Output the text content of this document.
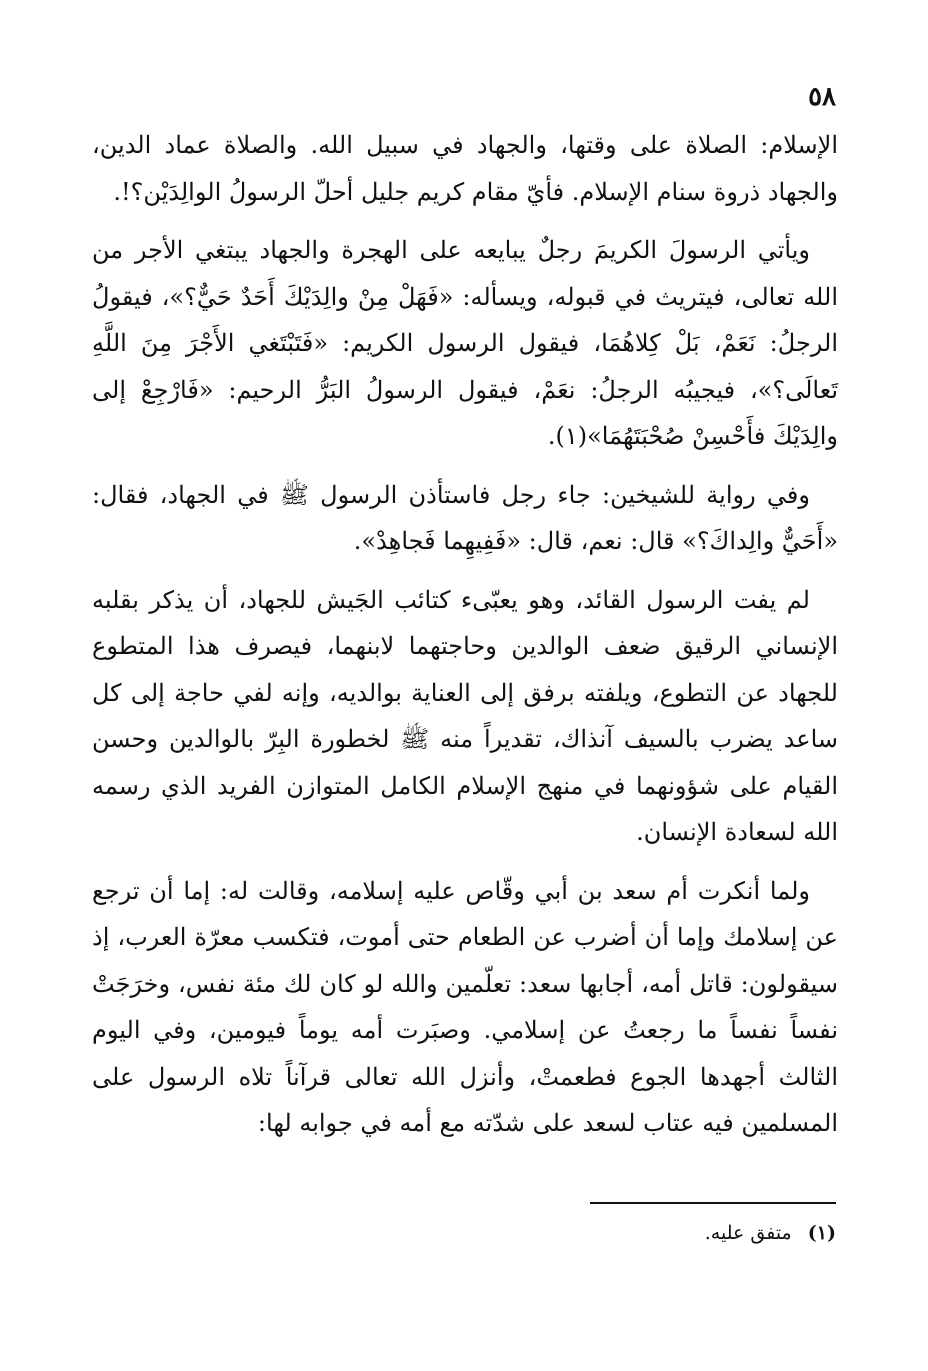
٥٨

الإسلام: الصلاة على وقتها، والجهاد في سبيل الله. والصلاة عماد الدين، والجهاد ذروة سنام الإسلام. فأيّ مقام كريم جليل أحلّ الرسولُ الوالِدَيْن؟!.

ويأتي الرسولَ الكريمَ رجلٌ يبايعه على الهجرة والجهاد يبتغي الأجر من الله تعالى، فيتريث في قبوله، ويسأله: «فَهَلْ مِنْ والِدَيْكَ أَحَدٌ حَيٌّ؟»، فيقولُ الرجلُ: نَعَمْ، بَلْ كِلاهُمَا، فيقول الرسول الكريم: «فَتَبْتَغي الأَجْرَ مِنَ اللَّهِ تَعالَى؟»، فيجيبُه الرجلُ: نعَمْ، فيقول الرسولُ البَرُّ الرحيم: «فَارْجِعْ إلى والِدَيْكَ فأَحْسِنْ صُحْبَتَهُمَا»(١).

وفي رواية للشيخين: جاء رجل فاستأذن الرسول ﷺ في الجهاد، فقال: «أَحَيٌّ والِداكَ؟» قال: نعم، قال: «فَفِيهِما فَجاهِدْ».

لم يفت الرسول القائد، وهو يعبّىء كتائب الجَيش للجهاد، أن يذكر بقلبه الإنساني الرقيق ضعف الوالدين وحاجتهما لابنهما، فيصرف هذا المتطوع للجهاد عن التطوع، ويلفته برفق إلى العناية بوالديه، وإنه لفي حاجة إلى كل ساعد يضرب بالسيف آنذاك، تقديراً منه ﷺ لخطورة البِرّ بالوالدين وحسن القيام على شؤونهما في منهج الإسلام الكامل المتوازن الفريد الذي رسمه الله لسعادة الإنسان.

ولما أنكرت أم سعد بن أبي وقّاص عليه إسلامه، وقالت له: إما أن ترجع عن إسلامك وإما أن أضرب عن الطعام حتى أموت، فتكسب معرّة العرب، إذ سيقولون: قاتل أمه، أجابها سعد: تعلّمين والله لو كان لك مئة نفس، وخرَجَتْ نفساً نفساً ما رجعتُ عن إسلامي. وصبَرت أمه يوماً فيومين، وفي اليوم الثالث أجهدها الجوع فطعمتْ، وأنزل الله تعالى قرآناً تلاه الرسول على المسلمين فيه عتاب لسعد على شدّته مع أمه في جوابه لها:

(١) متفق عليه.
